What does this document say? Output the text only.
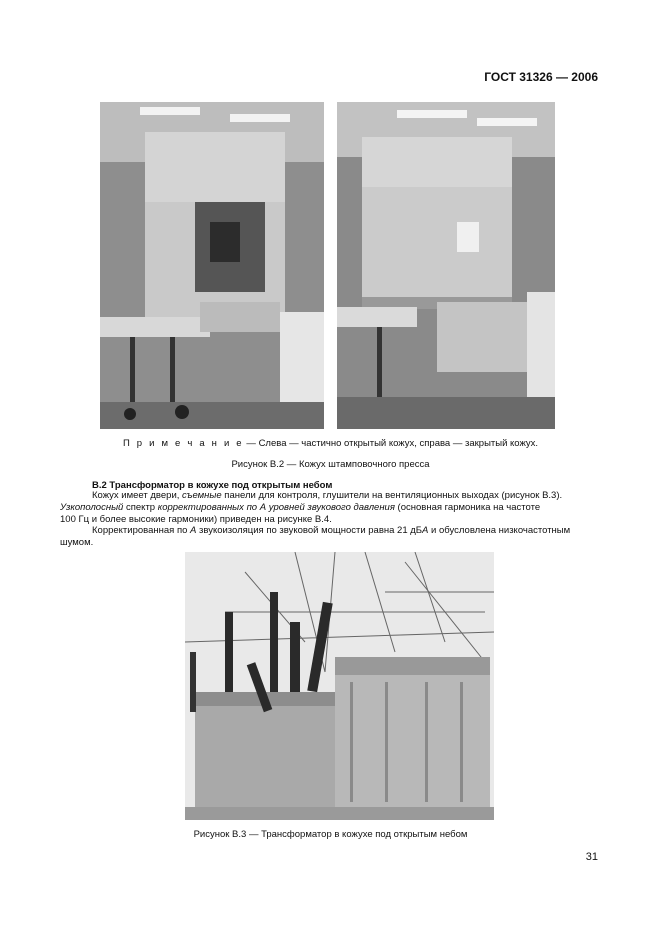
ГОСТ 31326 — 2006
П р и м е ч а н и е — Слева — частично открытый кожух, справа — закрытый кожух.
Рисунок В.2 — Кожух штамповочного пресса
В.2 Трансформатор в кожухе под открытым небом
Кожух имеет двери, съемные панели для контроля, глушители на вентиляционных выходах (рисунок В.3).
Узкополосный спектр корректированных по А уровней звукового давления (основная гармоника на частоте
100 Гц и более высокие гармоники) приведен на рисунке В.4.
Корректированная по А звукоизоляция по звуковой мощности равна 21 дБА и обусловлена низкочастотным
шумом.
Рисунок В.3 — Трансформатор в кожухе под открытым небом
31
